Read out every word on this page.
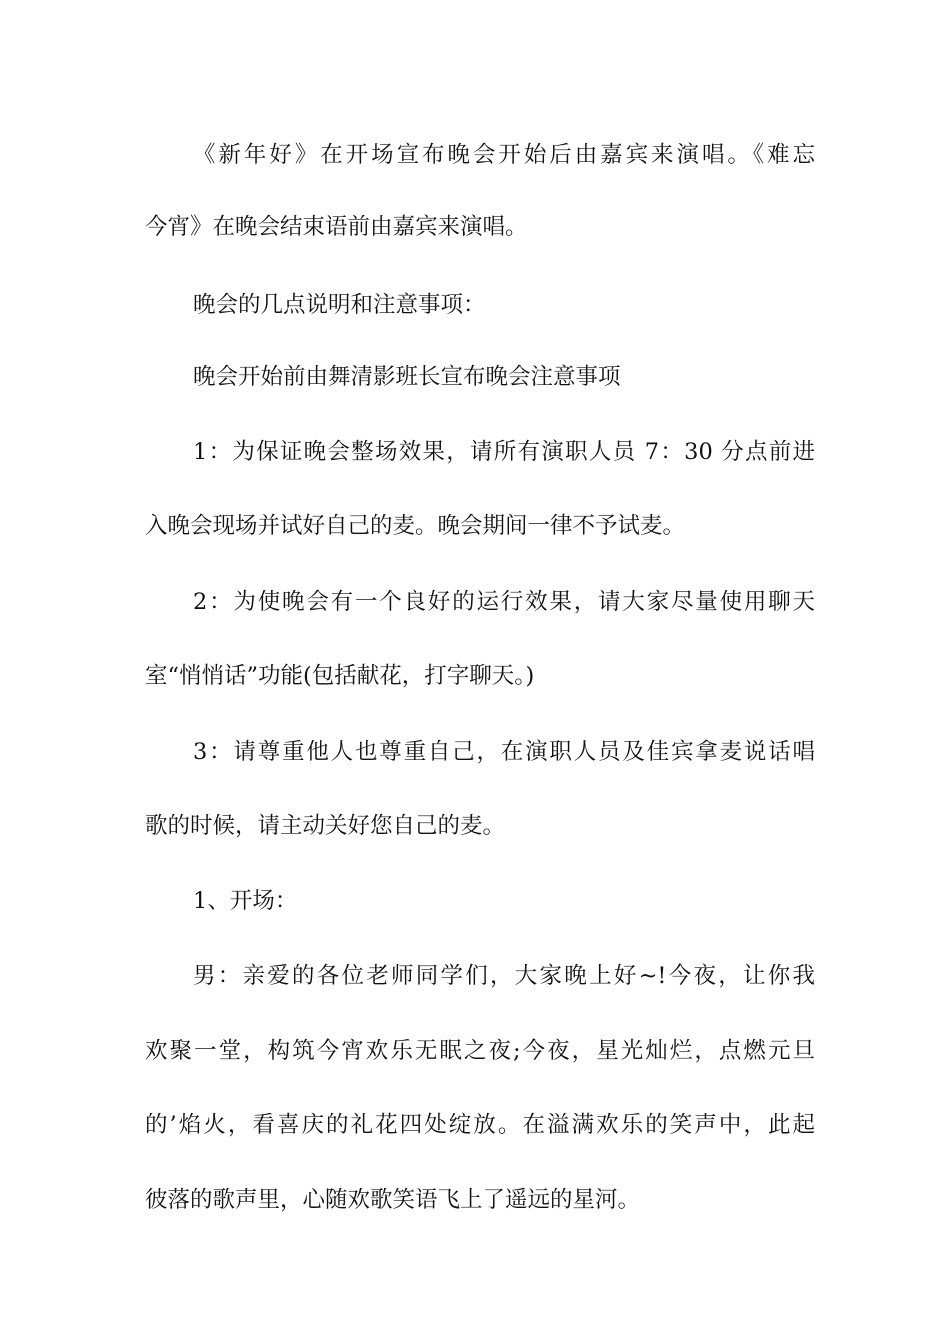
《新年好》在开场宣布晚会开始后由嘉宾来演唱。《难忘
今宵》在晚会结束语前由嘉宾来演唱。
晚会的几点说明和注意事项：
晚会开始前由舞清影班长宣布晚会注意事项
1：为保证晚会整场效果，请所有演职人员 7：30 分点前进
入晚会现场并试好自己的麦。晚会期间一律不予试麦。
2：为使晚会有一个良好的运行效果，请大家尽量使用聊天
室“悄悄话”功能(包括献花，打字聊天。)
3：请尊重他人也尊重自己，在演职人员及佳宾拿麦说话唱
歌的时候，请主动关好您自己的麦。
1、开场：
男：亲爱的各位老师同学们，大家晚上好~!今夜，让你我
欢聚一堂，构筑今宵欢乐无眠之夜;今夜，星光灿烂，点燃元旦
的’焰火，看喜庆的礼花四处绽放。在溢满欢乐的笑声中，此起
彼落的歌声里，心随欢歌笑语飞上了遥远的星河。
